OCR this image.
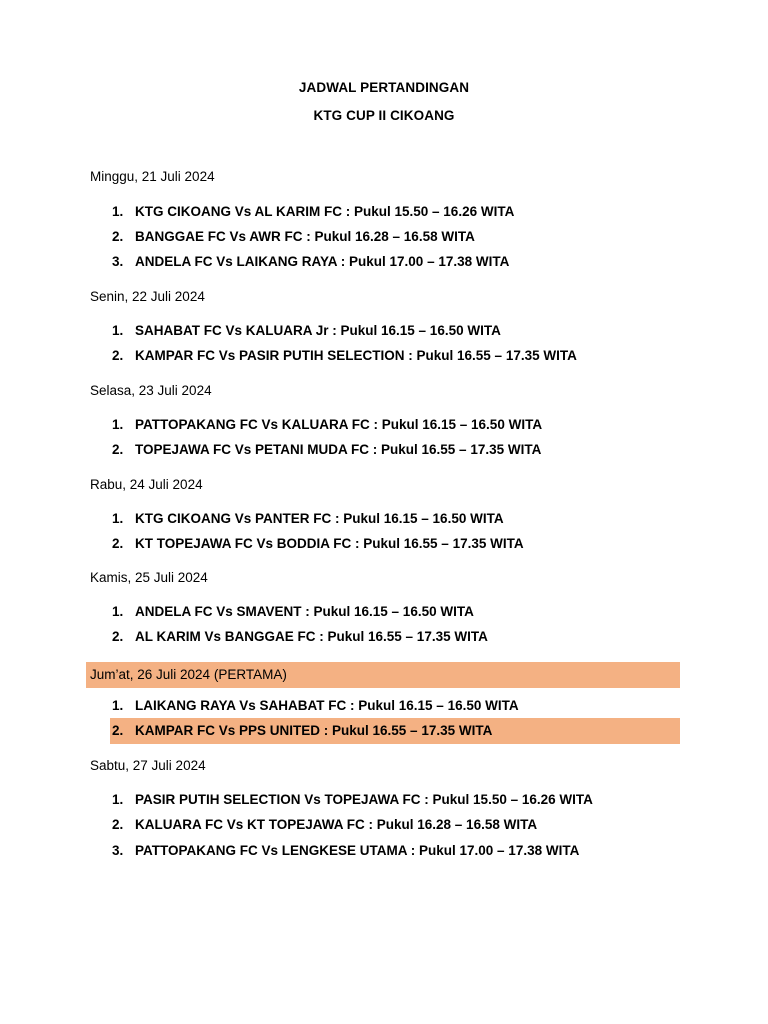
JADWAL PERTANDINGAN
KTG CUP II CIKOANG
Minggu, 21 Juli 2024
1. KTG CIKOANG Vs AL KARIM FC : Pukul 15.50 – 16.26 WITA
2. BANGGAE FC Vs AWR FC : Pukul 16.28 – 16.58 WITA
3. ANDELA FC Vs LAIKANG RAYA : Pukul 17.00 – 17.38 WITA
Senin, 22 Juli 2024
1. SAHABAT FC Vs KALUARA Jr : Pukul 16.15 – 16.50 WITA
2. KAMPAR FC Vs PASIR PUTIH SELECTION : Pukul 16.55 – 17.35 WITA
Selasa, 23 Juli 2024
1. PATTOPAKANG FC Vs KALUARA FC : Pukul 16.15 – 16.50 WITA
2. TOPEJAWA FC Vs PETANI MUDA FC : Pukul 16.55 – 17.35 WITA
Rabu, 24 Juli 2024
1. KTG CIKOANG Vs PANTER FC : Pukul 16.15 – 16.50 WITA
2. KT TOPEJAWA FC Vs BODDIA FC : Pukul 16.55 – 17.35 WITA
Kamis, 25 Juli 2024
1. ANDELA FC Vs SMAVENT : Pukul 16.15 – 16.50 WITA
2. AL KARIM Vs BANGGAE FC : Pukul 16.55 – 17.35 WITA
Jum’at, 26 Juli 2024 (PERTAMA)
1. LAIKANG RAYA Vs SAHABAT FC : Pukul 16.15 – 16.50 WITA
2. KAMPAR FC Vs PPS UNITED : Pukul 16.55 – 17.35 WITA
Sabtu, 27 Juli 2024
1. PASIR PUTIH SELECTION Vs TOPEJAWA FC : Pukul 15.50 – 16.26 WITA
2. KALUARA FC Vs KT TOPEJAWA FC : Pukul 16.28 – 16.58 WITA
3. PATTOPAKANG FC Vs LENGKESE UTAMA : Pukul 17.00 – 17.38 WITA
